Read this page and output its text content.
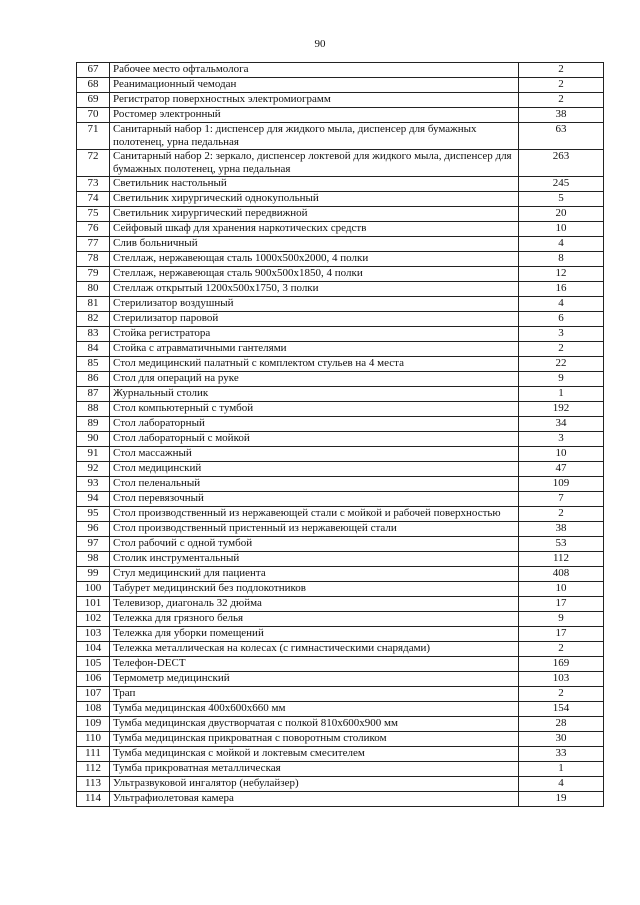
90
67	Рабочее место офтальмолога	2
68	Реанимационный чемодан	2
69	Регистратор поверхностных электромиограмм	2
70	Ростомер электронный	38
71	Санитарный набор 1: диспенсер для жидкого мыла, диспенсер для бумажных полотенец, урна педальная	63
72	Санитарный набор 2: зеркало, диспенсер локтевой для жидкого мыла, диспенсер для бумажных полотенец, урна педальная	263
73	Светильник настольный	245
74	Светильник хирургический однокупольный	5
75	Светильник хирургический передвижной	20
76	Сейфовый шкаф для хранения наркотических средств	10
77	Слив больничный	4
78	Стеллаж, нержавеющая сталь 1000х500х2000, 4 полки	8
79	Стеллаж, нержавеющая сталь 900х500х1850, 4 полки	12
80	Стеллаж открытый 1200х500х1750, 3 полки	16
81	Стерилизатор воздушный	4
82	Стерилизатор паровой	6
83	Стойка регистратора	3
84	Стойка с атравматичными гантелями	2
85	Стол медицинский палатный с комплектом стульев на 4 места	22
86	Стол для операций на руке	9
87	Журнальный столик	1
88	Стол компьютерный с тумбой	192
89	Стол лабораторный	34
90	Стол лабораторный с мойкой	3
91	Стол массажный	10
92	Стол медицинский	47
93	Стол пеленальный	109
94	Стол перевязочный	7
95	Стол производственный из нержавеющей стали с мойкой и рабочей поверхностью	2
96	Стол производственный пристенный из нержавеющей стали	38
97	Стол рабочий с одной тумбой	53
98	Столик инструментальный	112
99	Стул медицинский для пациента	408
100	Табурет медицинский без подлокотников	10
101	Телевизор, диагональ 32 дюйма	17
102	Тележка для грязного белья	9
103	Тележка для уборки помещений	17
104	Тележка металлическая на колесах (с гимнастическими снарядами)	2
105	Телефон-DECT	169
106	Термометр медицинский	103
107	Трап	2
108	Тумба медицинская 400х600х660 мм	154
109	Тумба медицинская двустворчатая с полкой 810х600х900 мм	28
110	Тумба медицинская прикроватная с поворотным столиком	30
111	Тумба медицинская с мойкой и локтевым смесителем	33
112	Тумба прикроватная металлическая	1
113	Ультразвуковой ингалятор (небулайзер)	4
114	Ультрафиолетовая камера	19
